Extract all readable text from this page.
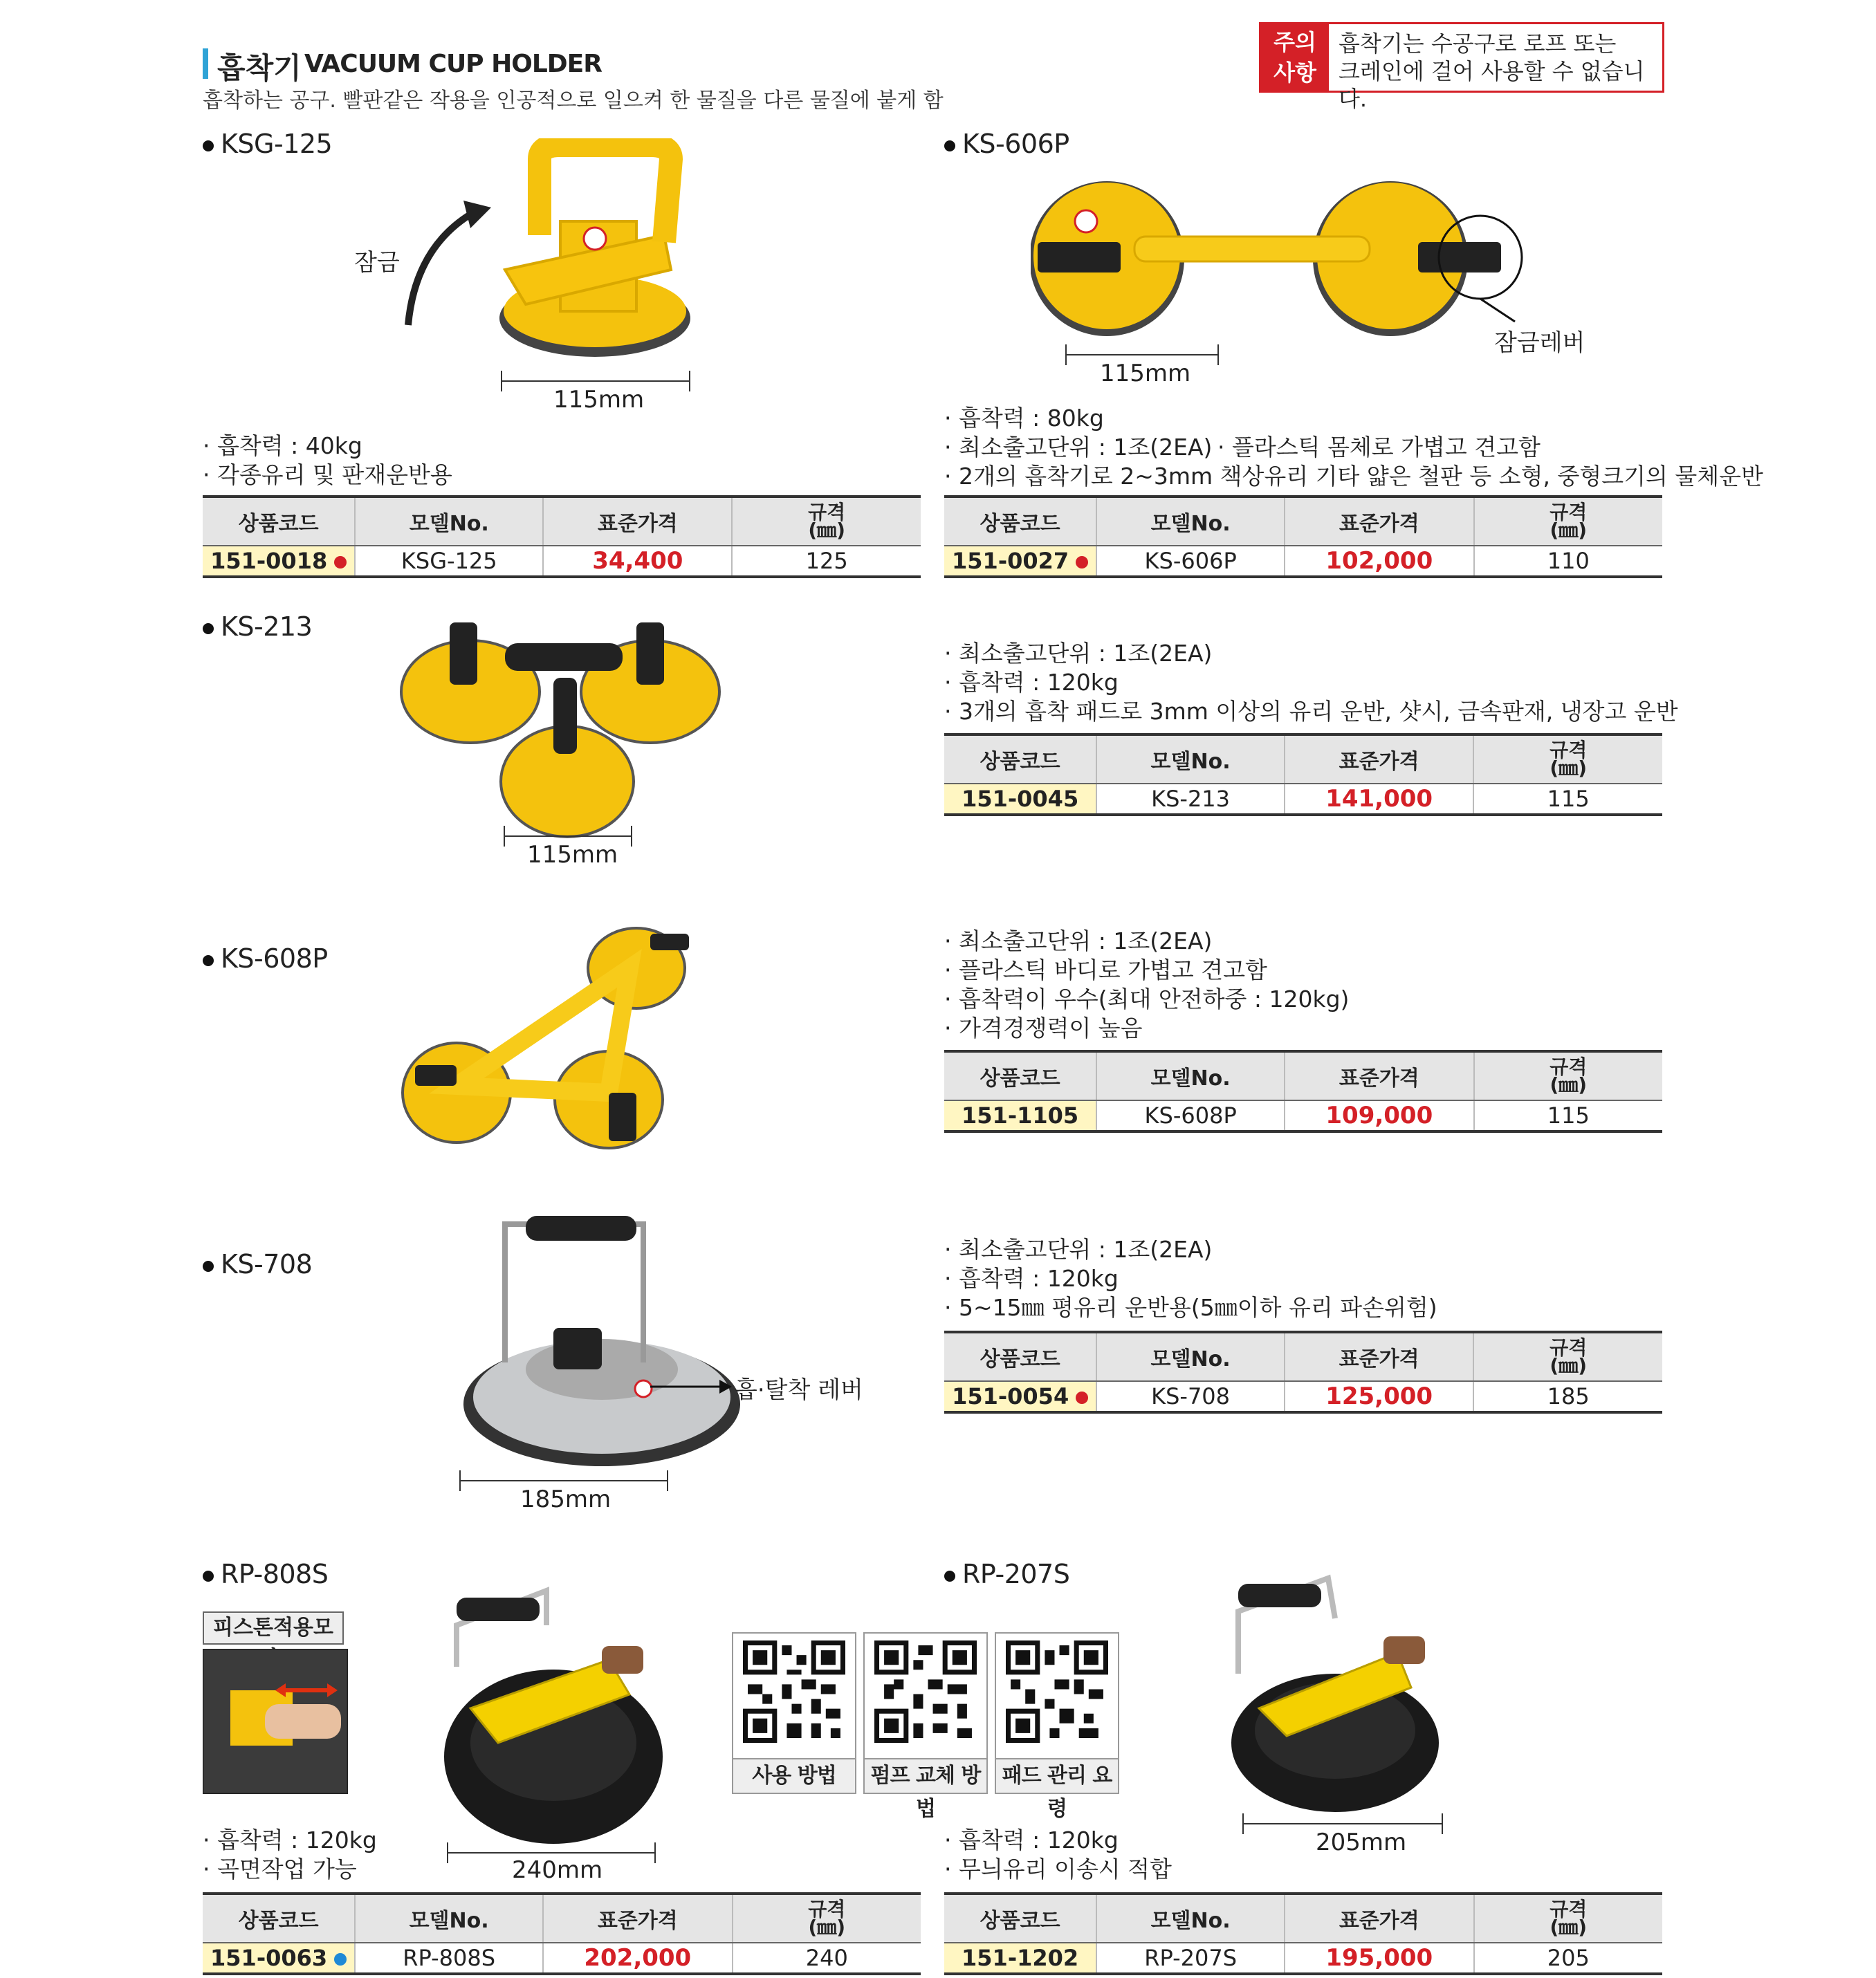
흡착기 VACUUM CUP HOLDER
흡착하는 공구. 빨판같은 작용을 인공적으로 일으켜 한 물질을 다른 물질에 붙게 함
주의
사항
흡착기는 수공구로 로프 또는
크레인에 걸어 사용할 수 없습니다.
KSG-125
잠금
115mm
· 흡착력 : 40kg
· 각종유리 및 판재운반용
상품코드	모델No.	표준가격	규격
(㎜)

151-0018	KSG-125	34,400	125
KS-606P
잠금레버
115mm
· 흡착력 : 80kg
· 최소출고단위 : 1조(2EA)
· 2개의 흡착기로 2~3mm 책상유리 기타 얇은 철판 등 소형, 중형크기의 물체운반
· 플라스틱 몸체로 가볍고 견고함
상품코드	모델No.	표준가격	규격
(㎜)

151-0027	KS-606P	102,000	110
KS-213
115mm
· 최소출고단위 : 1조(2EA)
· 흡착력 : 120kg
· 3개의 흡착 패드로 3mm 이상의 유리 운반, 샷시, 금속판재, 냉장고 운반
상품코드	모델No.	표준가격	규격
(㎜)

151-0045	KS-213	141,000	115
KS-608P
· 최소출고단위 : 1조(2EA)
· 플라스틱 바디로 가볍고 견고함
· 흡착력이 우수(최대 안전하중 : 120kg)
· 가격경쟁력이 높음
상품코드	모델No.	표준가격	규격
(㎜)

151-1105	KS-608P	109,000	115
KS-708
흡·탈착 레버
185mm
· 최소출고단위 : 1조(2EA)
· 흡착력 : 120kg
· 5~15㎜ 평유리 운반용(5㎜이하 유리 파손위험)
상품코드	모델No.	표준가격	규격
(㎜)

151-0054	KS-708	125,000	185
RP-808S
피스톤적용모
240mm
· 흡착력 : 120kg
· 곡면작업 가능
상품코드	모델No.	표준가격	규격
(㎜)

151-0063	RP-808S	202,000	240
사용 방법	펌프 교체 방법
패드 관리 요령
RP-207S
205mm
· 흡착력 : 120kg
· 무늬유리 이송시 적합
상품코드	모델No.	표준가격	규격
(㎜)

151-1202	RP-207S	195,000	205
